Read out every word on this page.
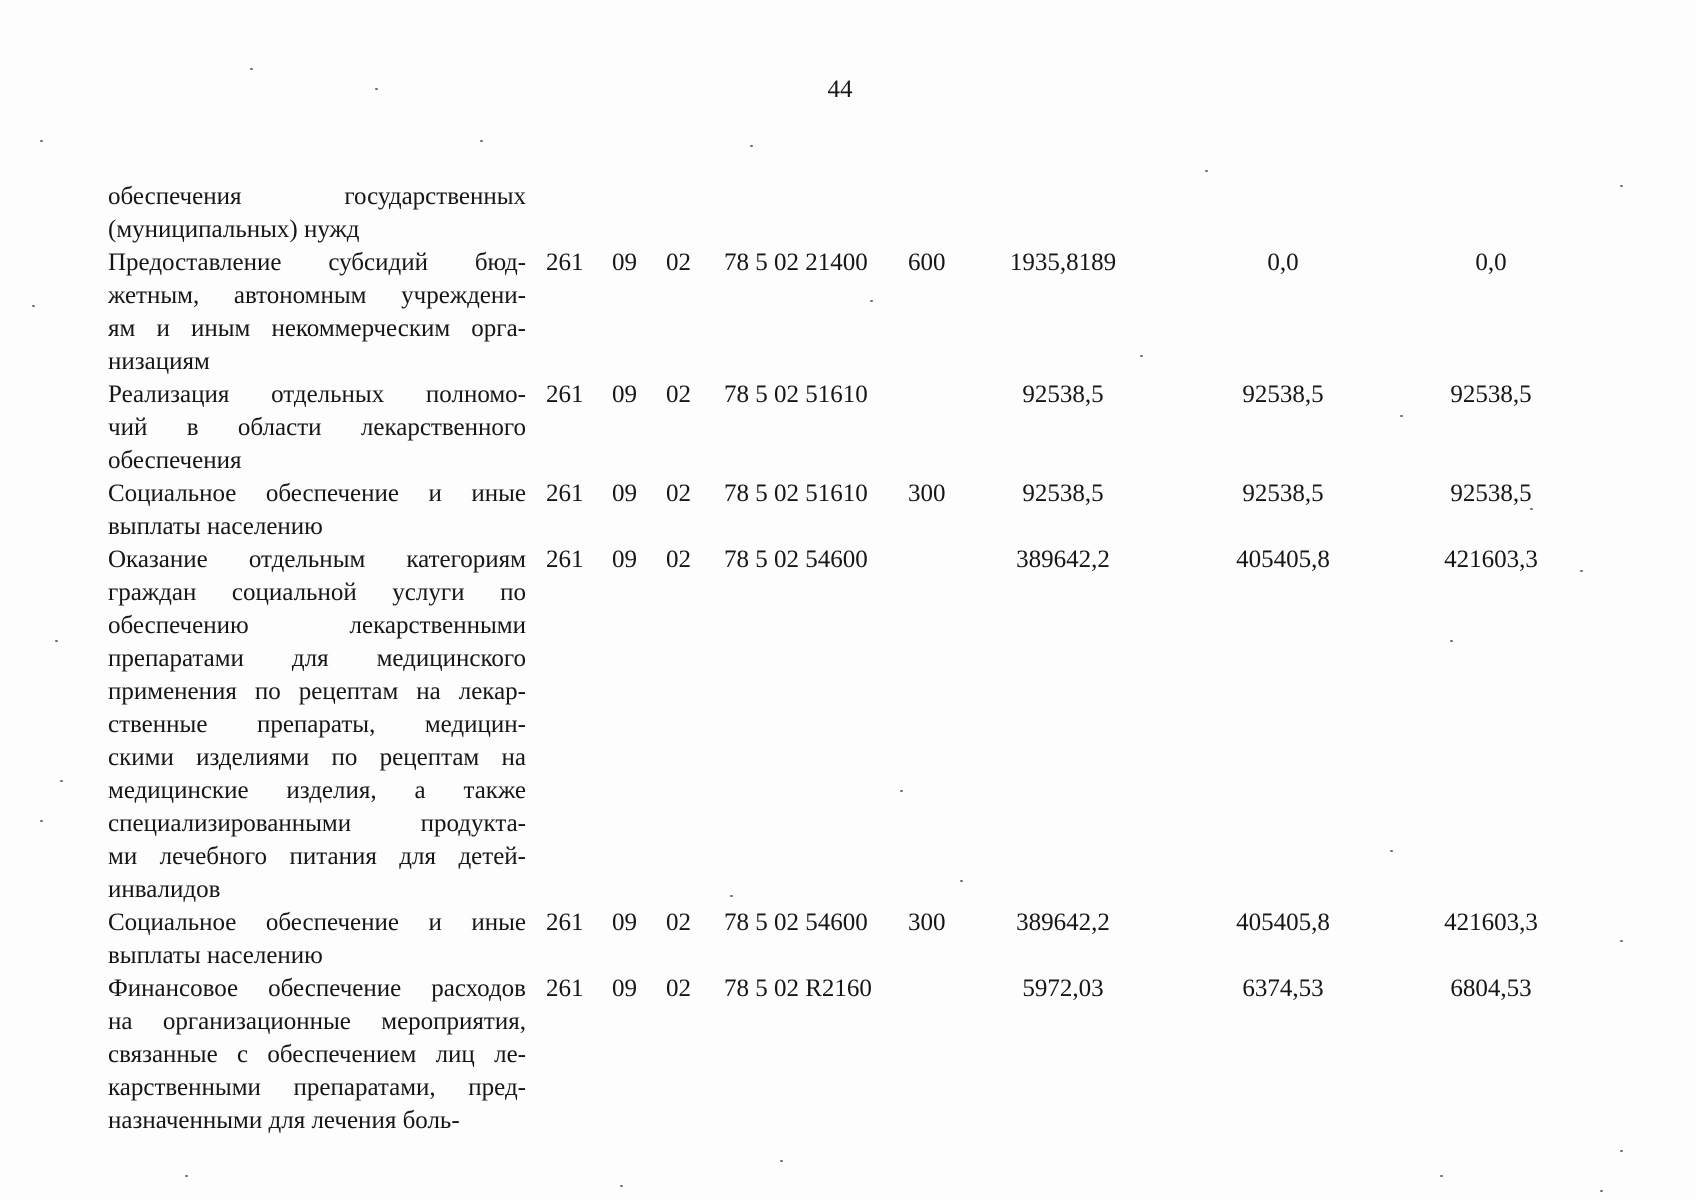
44
обеспечения государственных
(муниципальных) нужд
Предоставление субсидий бюд-
жетным, автономным учреждени-
ям и иным некоммерческим орга-
низациям
261 09 02 78 5 02 21400 600	1935,8189	0,0	0,0
Реализация отдельных полномо-
чий в области лекарственного
обеспечения
261 09 02 78 5 02 51610	92538,5	92538,5	92538,5
Социальное обеспечение и иные
выплаты населению
261 09 02 78 5 02 51610 300	92538,5	92538,5	92538,5
Оказание отдельным категориям
граждан социальной услуги по
обеспечению лекарственными
препаратами для медицинского
применения по рецептам на лекар-
ственные препараты, медицин-
скими изделиями по рецептам на
медицинские изделия, а также
специализированными продукта-
ми лечебного питания для детей-
инвалидов
261 09 02 78 5 02 54600	389642,2	405405,8	421603,3
Социальное обеспечение и иные
выплаты населению
261 09 02 78 5 02 54600 300	389642,2	405405,8	421603,3
Финансовое обеспечение расходов
на организационные мероприятия,
связанные с обеспечением лиц ле-
карственными препаратами, пред-
назначенными для лечения боль-
261 09 02 78 5 02 R2160	5972,03	6374,53	6804,53
